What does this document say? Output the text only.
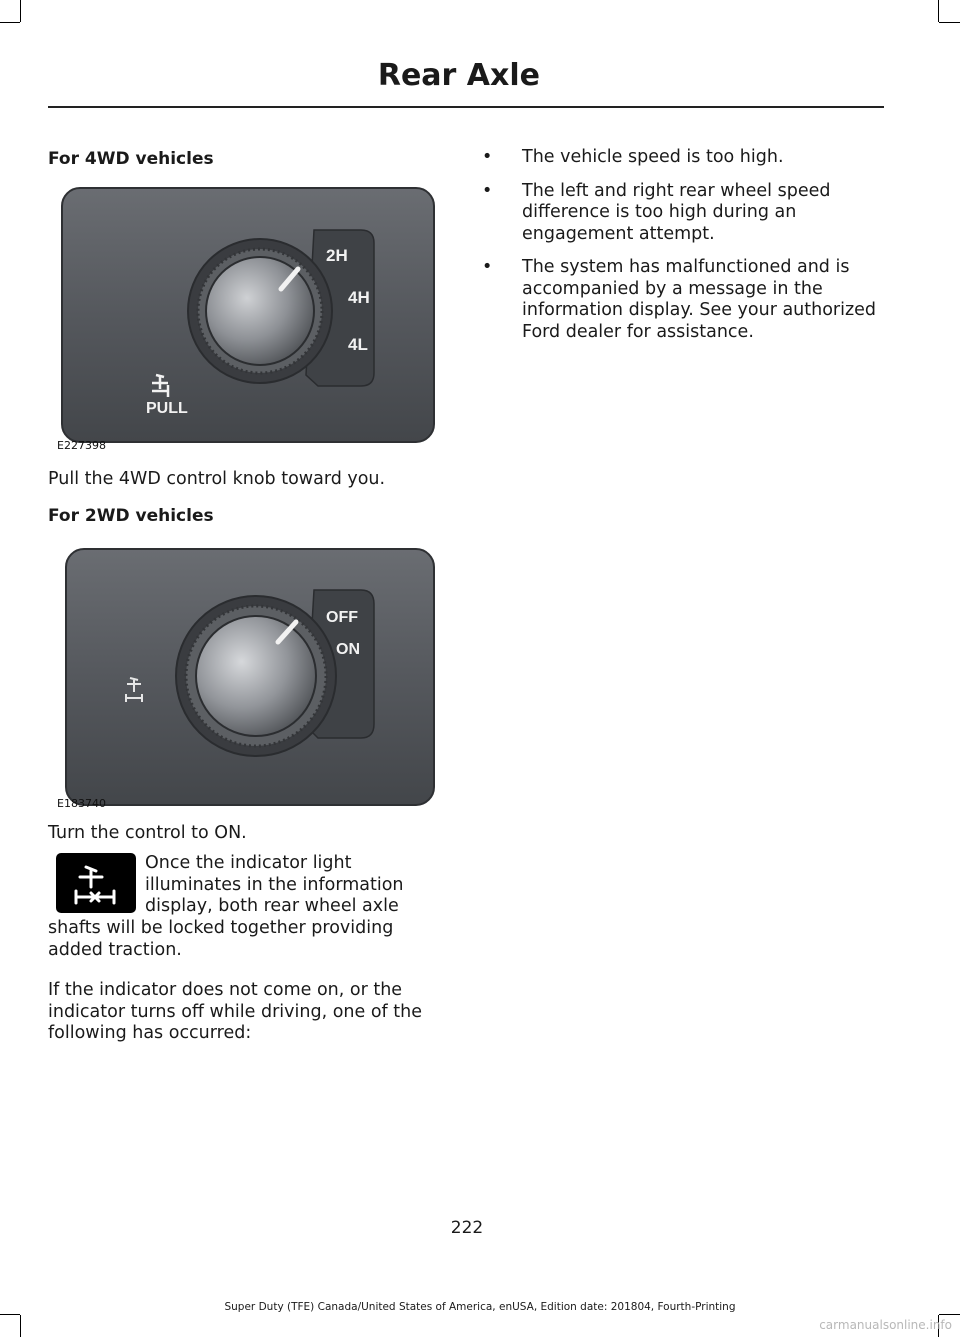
Rear Axle
For 4WD vehicles
2H
4H
4L
PULL
E227398

Pull the 4WD control knob toward you.

For 2WD vehicles
OFF
ON
E183740

Turn the control to ON.

Once the indicator light
illuminates in the information
display, both rear wheel axle

shafts will be locked together providing added traction.

If the indicator does not come on, or the indicator turns off while driving, one of the following has occurred:

• The vehicle speed is too high.
• The left and right rear wheel speed difference is too high during an engagement attempt.
• The system has malfunctioned and is accompanied by a message in the information display. See your authorized Ford dealer for assistance.
222
Super Duty (TFE) Canada/United States of America, enUSA, Edition date: 201804, Fourth-Printing
carmanualsonline.info
